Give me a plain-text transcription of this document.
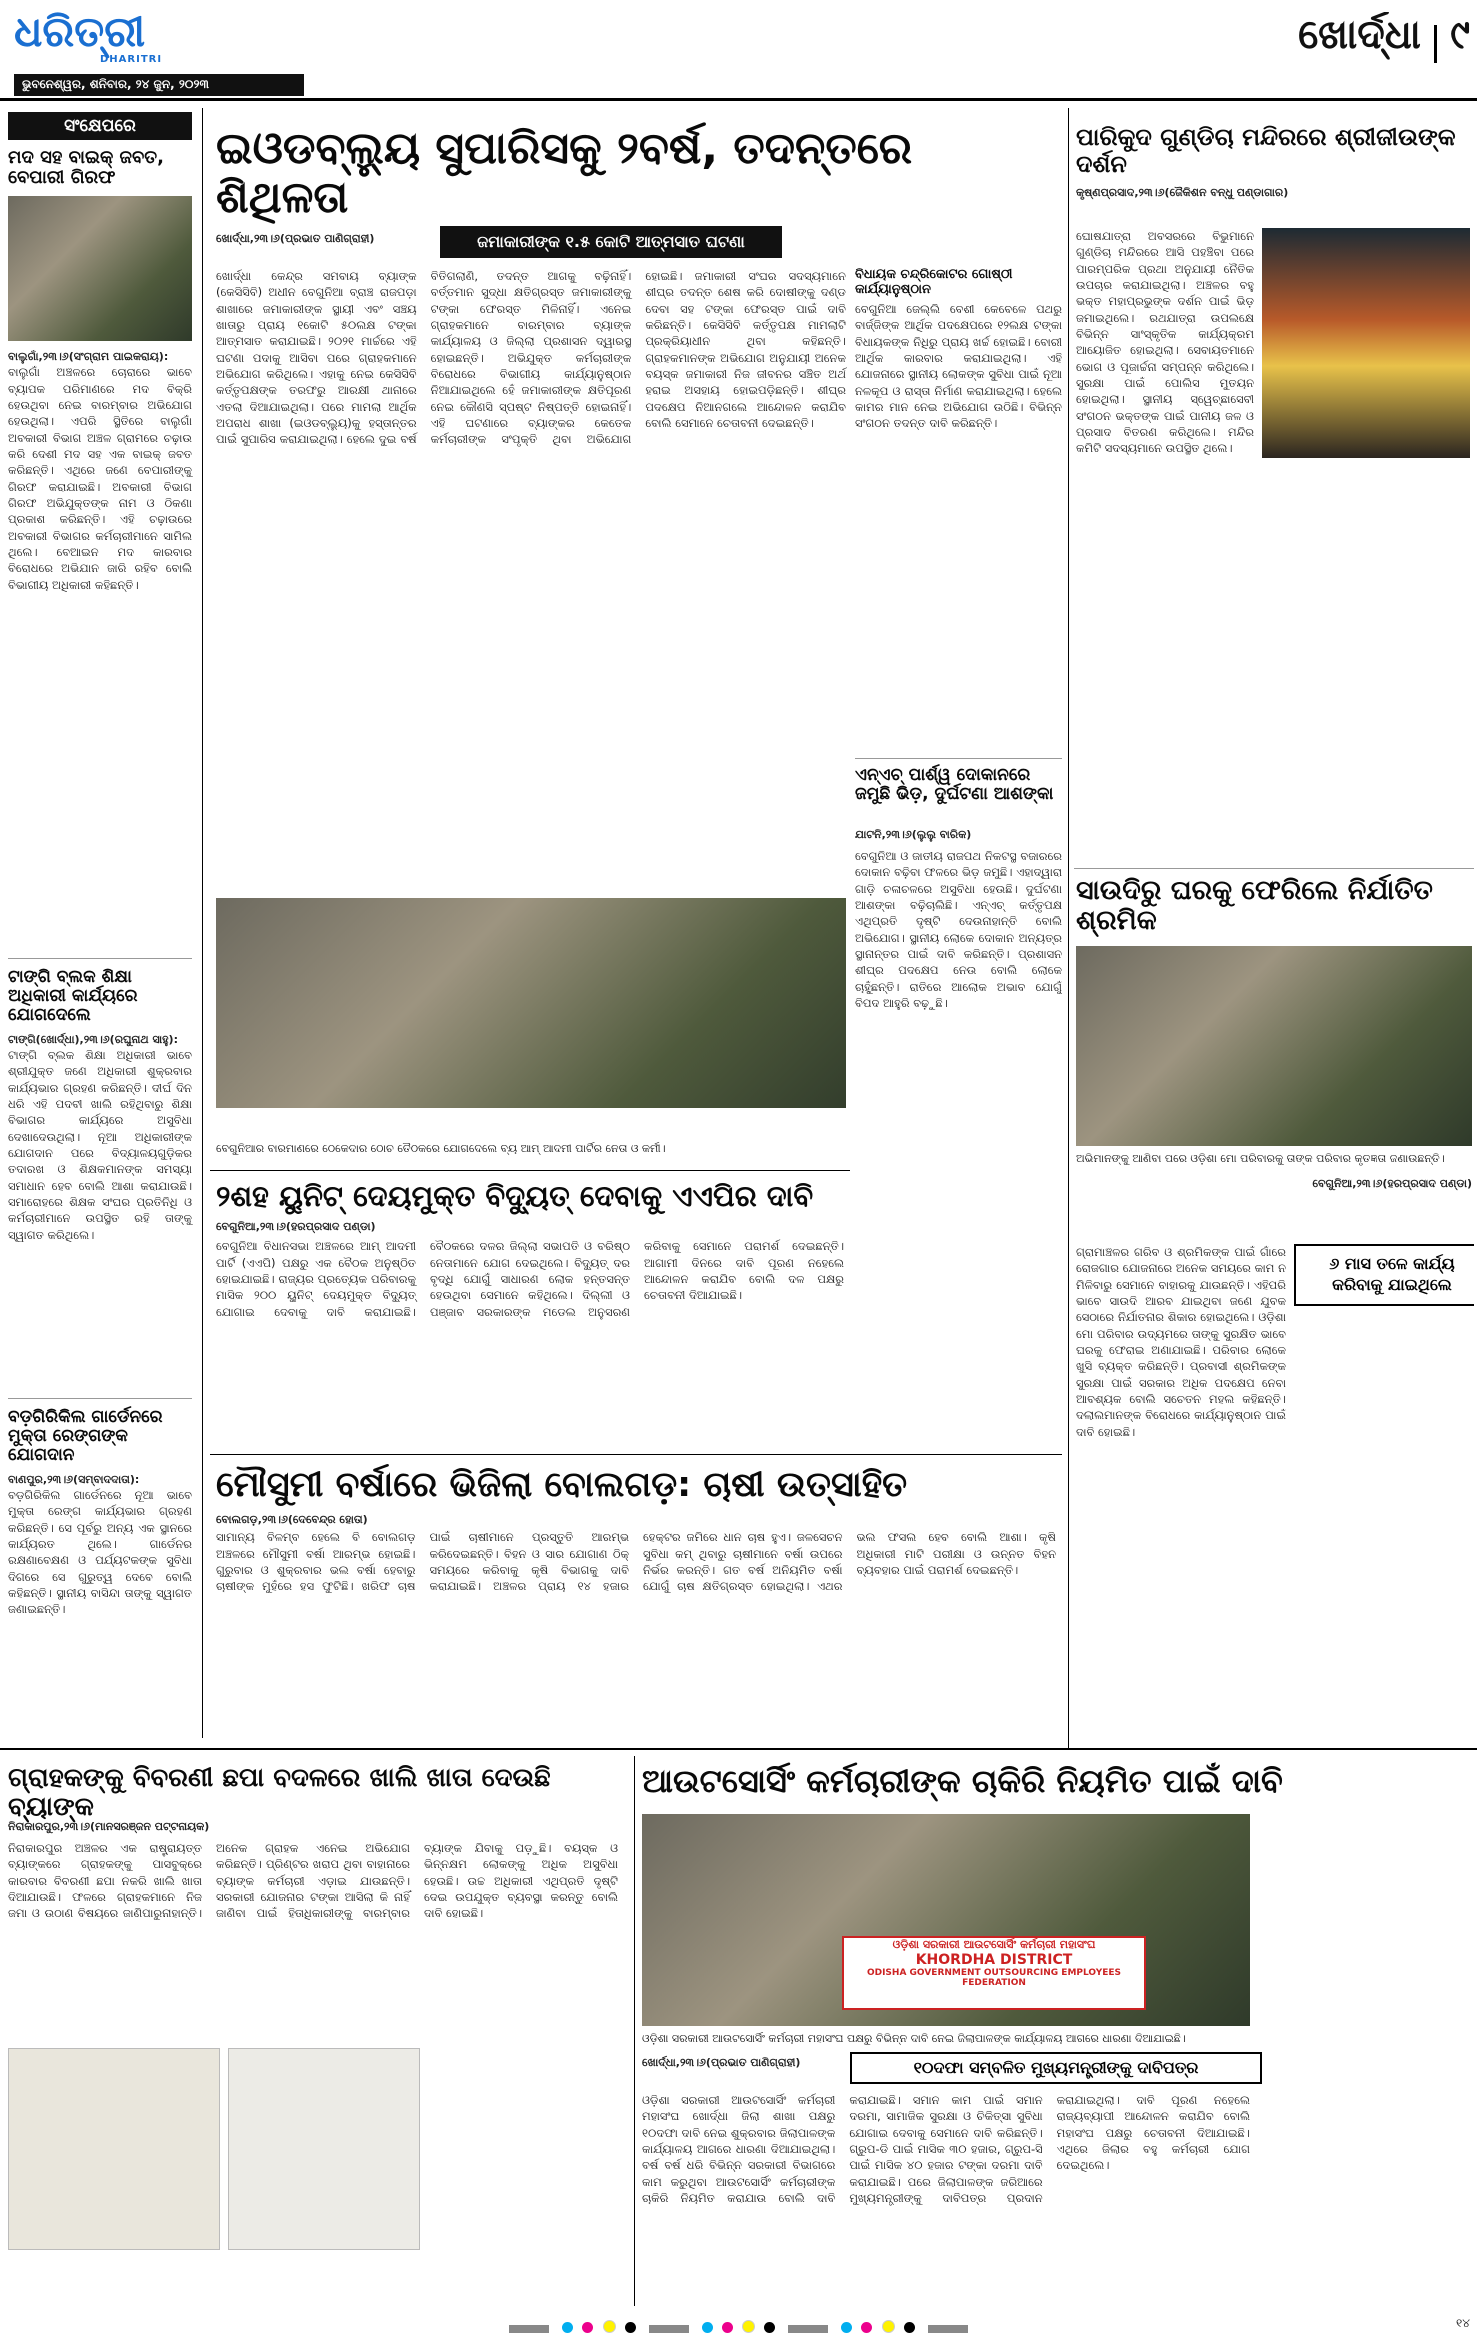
ଧରିତ୍ରୀ
DHARITRI
ଭୁବନେଶ୍ୱର, ଶନିବାର, ୨୪ ଜୁନ, ୨୦୨୩
ଖୋର୍ଦ୍ଧା ୯
ସଂକ୍ଷେପରେ
ମଦ ସହ ବାଇକ୍ ଜବତ, ବେପାରୀ ଗିରଫ
ବାଲୁଗାଁ,୨୩।୬(ସଂଗ୍ରାମ ପାଇକରାୟ):

ବାଲୁଗାଁ ଅଞ୍ଚଳରେ ଚୋରାରେ ଭାବେ ବ୍ୟାପକ ପରିମାଣରେ ମଦ ବିକ୍ରି ହେଉଥିବା ନେଇ ବାରମ୍ବାର ଅଭିଯୋଗ ହେଉଥିଲା। ଏପରି ସ୍ଥିତିରେ ବାଲୁଗାଁ ଅବକାରୀ ବିଭାଗ ଅଞ୍ଚଳ ଗ୍ରାମରେ ଚଢ଼ାଉ କରି ଦେଶୀ ମଦ ସହ ଏକ ବାଇକ୍ ଜବତ କରିଛନ୍ତି। ଏଥିରେ ଜଣେ ବେପାରୀଙ୍କୁ ଗିରଫ କରାଯାଇଛି। ଅବକାରୀ ବିଭାଗ ଗିରଫ ଅଭିଯୁକ୍ତଙ୍କ ନାମ ଓ ଠିକଣା ପ୍ରକାଶ କରିଛନ୍ତି। ଏହି ଚଢ଼ାଉରେ ଅବକାରୀ ବିଭାଗର କର୍ମଚାରୀମାନେ ସାମିଲ ଥିଲେ। ବେଆଇନ ମଦ କାରବାର ବିରୋଧରେ ଅଭିଯାନ ଜାରି ରହିବ ବୋଲି ବିଭାଗୀୟ ଅଧିକାରୀ କହିଛନ୍ତି।

ଟାଙ୍ଗି ବ୍ଲକ ଶିକ୍ଷା ଅଧିକାରୀ କାର୍ଯ୍ୟରେ ଯୋଗଦେଲେ
ଟାଙ୍ଗି(ଖୋର୍ଦ୍ଧା),୨୩।୬(ରଘୁନାଥ ସାହୁ):

ଟାଙ୍ଗି ବ୍ଲକ ଶିକ୍ଷା ଅଧିକାରୀ ଭାବେ ଶ୍ରୀଯୁକ୍ତ ଜଣେ ଅଧିକାରୀ ଶୁକ୍ରବାର କାର୍ଯ୍ୟଭାର ଗ୍ରହଣ କରିଛନ୍ତି। ଦୀର୍ଘ ଦିନ ଧରି ଏହି ପଦବୀ ଖାଲି ରହିଥିବାରୁ ଶିକ୍ଷା ବିଭାଗର କାର୍ଯ୍ୟରେ ଅସୁବିଧା ଦେଖାଦେଉଥିଲା। ନୂଆ ଅଧିକାରୀଙ୍କ ଯୋଗଦାନ ପରେ ବିଦ୍ୟାଳୟଗୁଡ଼ିକର ତଦାରଖ ଓ ଶିକ୍ଷକମାନଙ୍କ ସମସ୍ୟା ସମାଧାନ ହେବ ବୋଲି ଆଶା କରାଯାଉଛି। ସମାରୋହରେ ଶିକ୍ଷକ ସଂଘର ପ୍ରତିନିଧି ଓ କର୍ମଚାରୀମାନେ ଉପସ୍ଥିତ ରହି ତାଙ୍କୁ ସ୍ୱାଗତ କରିଥିଲେ।

ବଡ଼ଗିରିକିଲ ଗାର୍ଡେନରେ ମୁକ୍ତା ରେଙ୍ଗଙ୍କ ଯୋଗଦାନ
ବାଣପୁର,୨୩।୬(ସମ୍ବାଦଦାତା):

ବଡ଼ଗିରିକିଲ ଗାର୍ଡେନରେ ନୂଆ ଭାବେ ମୁକ୍ତା ରେଙ୍ଗ କାର୍ଯ୍ୟଭାର ଗ୍ରହଣ କରିଛନ୍ତି। ସେ ପୂର୍ବରୁ ଅନ୍ୟ ଏକ ସ୍ଥାନରେ କାର୍ଯ୍ୟରତ ଥିଲେ। ଗାର୍ଡେନର ରକ୍ଷଣାବେକ୍ଷଣ ଓ ପର୍ଯ୍ୟଟକଙ୍କ ସୁବିଧା ଦିଗରେ ସେ ଗୁରୁତ୍ୱ ଦେବେ ବୋଲି କହିଛନ୍ତି। ସ୍ଥାନୀୟ ବାସିନ୍ଦା ତାଙ୍କୁ ସ୍ୱାଗତ ଜଣାଇଛନ୍ତି।

ଇଓଡବ୍ଲ୍ୟୁ ସୁପାରିସକୁ ୨ବର୍ଷ, ତଦନ୍ତରେ ଶିଥିଳତା
ଜମାକାରୀଙ୍କ ୧.୫ କୋଟି ଆତ୍ମସାତ ଘଟଣା
ଖୋର୍ଦ୍ଧା,୨୩।୬(ପ୍ରଭାତ ପାଣିଗ୍ରାହୀ)

ଖୋର୍ଦ୍ଧା କେନ୍ଦ୍ର ସମବାୟ ବ୍ୟାଙ୍କ (କେସିସିବି) ଅଧୀନ ବେଗୁନିଆ ବ୍ରାଞ୍ଚ ରାଜପଡ଼ା ଶାଖାରେ ଜମାକାରୀଙ୍କ ସ୍ଥାୟୀ ଏବଂ ସଞ୍ଚୟ ଖାତାରୁ ପ୍ରାୟ ୧କୋଟି ୫୦ଲକ୍ଷ ଟଙ୍କା ଆତ୍ମସାତ କରାଯାଇଛି। ୨୦୨୧ ମାର୍ଚ୍ଚରେ ଏହି ଘଟଣା ପଦାକୁ ଆସିବା ପରେ ଗ୍ରାହକମାନେ ଅଭିଯୋଗ କରିଥିଲେ। ଏହାକୁ ନେଇ କେସିସିବି କର୍ତ୍ତୃପକ୍ଷଙ୍କ ତରଫରୁ ଆରକ୍ଷୀ ଥାନାରେ ଏତଲା ଦିଆଯାଇଥିଲା। ପରେ ମାମଲା ଆର୍ଥିକ ଅପରାଧ ଶାଖା (ଇଓଡବ୍ଲ୍ୟୁ)କୁ ହସ୍ତାନ୍ତର ପାଇଁ ସୁପାରିସ କରାଯାଇଥିଲା। ହେଲେ ଦୁଇ ବର୍ଷ ବିତିଗଲାଣି, ତଦନ୍ତ ଆଗକୁ ବଢ଼ିନାହିଁ। ବର୍ତ୍ତମାନ ସୁଦ୍ଧା କ୍ଷତିଗ୍ରସ୍ତ ଜମାକାରୀଙ୍କୁ ଟଙ୍କା ଫେରସ୍ତ ମିଳିନାହିଁ। ଏନେଇ ଗ୍ରାହକମାନେ ବାରମ୍ବାର ବ୍ୟାଙ୍କ କାର୍ଯ୍ୟାଳୟ ଓ ଜିଲ୍ଲା ପ୍ରଶାସନ ଦ୍ୱାରସ୍ଥ ହୋଇଛନ୍ତି। ଅଭିଯୁକ୍ତ କର୍ମଚାରୀଙ୍କ ବିରୋଧରେ ବିଭାଗୀୟ କାର୍ଯ୍ୟାନୁଷ୍ଠାନ ନିଆଯାଇଥିଲେ ହେଁ ଜମାକାରୀଙ୍କ କ୍ଷତିପୂରଣ ନେଇ କୌଣସି ସ୍ପଷ୍ଟ ନିଷ୍ପତ୍ତି ହୋଇନାହିଁ। ଏହି ଘଟଣାରେ ବ୍ୟାଙ୍କର କେତେକ କର୍ମଚାରୀଙ୍କ ସଂପୃକ୍ତି ଥିବା ଅଭିଯୋଗ ହୋଇଛି। ଜମାକାରୀ ସଂଘର ସଦସ୍ୟମାନେ ଶୀଘ୍ର ତଦନ୍ତ ଶେଷ କରି ଦୋଷୀଙ୍କୁ ଦଣ୍ଡ ଦେବା ସହ ଟଙ୍କା ଫେରସ୍ତ ପାଇଁ ଦାବି କରିଛନ୍ତି। କେସିସିବି କର୍ତ୍ତୃପକ୍ଷ ମାମଲାଟି ପ୍ରକ୍ରିୟାଧୀନ ଥିବା କହିଛନ୍ତି। ଗ୍ରାହକମାନଙ୍କ ଅଭିଯୋଗ ଅନୁଯାୟୀ ଅନେକ ବୟସ୍କ ଜମାକାରୀ ନିଜ ଜୀବନର ସଞ୍ଚିତ ଅର୍ଥ ହରାଇ ଅସହାୟ ହୋଇପଡ଼ିଛନ୍ତି। ଶୀଘ୍ର ପଦକ୍ଷେପ ନିଆନଗଲେ ଆନ୍ଦୋଳନ କରାଯିବ ବୋଲି ସେମାନେ ଚେତାବନୀ ଦେଇଛନ୍ତି।

ବେଗୁନିଆର ବାରମାଣରେ ଠେକେଦାର ଠୋଚ ତୈଠକରେ ଯୋଗଦେଲେ ବ୍ୟ ଆମ୍ ଆଦମୀ ପାର୍ଟିର ନେତା ଓ କର୍ମୀ।
ବିଧାୟକ ଚନ୍ଦ୍ରିକୋଟର ଗୋଷ୍ଠୀ କାର୍ଯ୍ୟାନୁଷ୍ଠାନ

ବେଗୁନିଆ ଜେଲ୍ଲି ବେଶୀ କେବେଳେ ପଥରୁ ବାର୍ଜ୍ଜିଙ୍କ ଆର୍ଥିକ ପଦକ୍ଷେପରେ ୧୨ଲକ୍ଷ ଟଙ୍କା ବିଧାୟକଙ୍କ ନିଧିରୁ ପ୍ରାୟ ଖର୍ଚ୍ଚ ହୋଇଛି। ବୋରୀ ଆର୍ଥିକ କାରବାର କରାଯାଇଥିଲା। ଏହି ଯୋଜନାରେ ସ୍ଥାନୀୟ ଲୋକଙ୍କ ସୁବିଧା ପାଇଁ ନୂଆ ନଳକୂପ ଓ ରାସ୍ତା ନିର୍ମାଣ କରାଯାଇଥିଲା। ହେଲେ କାମର ମାନ ନେଇ ଅଭିଯୋଗ ଉଠିଛି। ବିଭିନ୍ନ ସଂଗଠନ ତଦନ୍ତ ଦାବି କରିଛନ୍ତି।

ଏନ୍‌ଏଚ୍ ପାର୍ଶ୍ୱ ଦୋକାନରେ ଜମୁଛି ଭିଡ଼, ଦୁର୍ଘଟଣା ଆଶଙ୍କା
ଯାଟନି,୨୩।୬(ଲୁଲୁ ବାରିକ)

ବେଗୁନିଆ ଓ ଜାତୀୟ ରାଜପଥ ନିକଟସ୍ଥ ବଜାରରେ ଦୋକାନ ବଢ଼ିବା ଫଳରେ ଭିଡ଼ ଜମୁଛି। ଏହାଦ୍ୱାରା ଗାଡ଼ି ଚଳାଚଳରେ ଅସୁବିଧା ହେଉଛି। ଦୁର୍ଘଟଣା ଆଶଙ୍କା ବଢ଼ିଚାଲିଛି। ଏନ୍‌ଏଚ୍ କର୍ତ୍ତୃପକ୍ଷ ଏଥିପ୍ରତି ଦୃଷ୍ଟି ଦେଉନାହାନ୍ତି ବୋଲି ଅଭିଯୋଗ। ସ୍ଥାନୀୟ ଲୋକେ ଦୋକାନ ଅନ୍ୟତ୍ର ସ୍ଥାନାନ୍ତର ପାଇଁ ଦାବି କରିଛନ୍ତି। ପ୍ରଶାସନ ଶୀଘ୍ର ପଦକ୍ଷେପ ନେଉ ବୋଲି ଲୋକେ ଚାହୁଁଛନ୍ତି। ରାତିରେ ଆଲୋକ ଅଭାବ ଯୋଗୁଁ ବିପଦ ଆହୁରି ବଢ଼ୁଛି।

ପାରିକୁଦ ଗୁଣ୍ଡିଚା ମନ୍ଦିରରେ ଶ୍ରୀଜୀଉଙ୍କ ଦର୍ଶନ
କୃଷ୍ଣପ୍ରସାଦ,୨୩।୬(ଜୈକିଶନ ବନ୍ଧୁ ପଣ୍ଡାଗାର)

ଘୋଷଯାତ୍ରା ଅବସରରେ ବିଭୁମାନେ ଗୁଣ୍ଡିଚା ମନ୍ଦିରରେ ଆସି ପହଞ୍ଚିବା ପରେ ପାରମ୍ପରିକ ପ୍ରଥା ଅନୁଯାୟୀ ନୈତିକ ଉପଚାର କରାଯାଇଥିଲା। ଅଞ୍ଚଳର ବହୁ ଭକ୍ତ ମହାପ୍ରଭୁଙ୍କ ଦର୍ଶନ ପାଇଁ ଭିଡ଼ ଜମାଇଥିଲେ। ରଥଯାତ୍ରା ଉପଲକ୍ଷେ ବିଭିନ୍ନ ସାଂସ୍କୃତିକ କାର୍ଯ୍ୟକ୍ରମ ଆୟୋଜିତ ହୋଇଥିଲା। ସେବାୟତମାନେ ଭୋଗ ଓ ପୂଜାର୍ଚ୍ଚନା ସମ୍ପନ୍ନ କରିଥିଲେ। ସୁରକ୍ଷା ପାଇଁ ପୋଲିସ ମୁତୟନ ହୋଇଥିଲା। ସ୍ଥାନୀୟ ସ୍ୱେଚ୍ଛାସେବୀ ସଂଗଠନ ଭକ୍ତଙ୍କ ପାଇଁ ପାନୀୟ ଜଳ ଓ ପ୍ରସାଦ ବିତରଣ କରିଥିଲେ। ମନ୍ଦିର କମିଟି ସଦସ୍ୟମାନେ ଉପସ୍ଥିତ ଥିଲେ।

ସାଉଦିରୁ ଘରକୁ ଫେରିଲେ ନିର୍ଯାତିତ ଶ୍ରମିକ
ଅଭିମାନଙ୍କୁ ଆଣିବା ପରେ ଓଡ଼ିଶା ମୋ ପରିବାରକୁ ତାଙ୍କ ପରିବାର କୃତଜ୍ଞତା ଜଣାଉଛନ୍ତି।
ବେଗୁନିଆ,୨୩।୬(ହରପ୍ରସାଦ ପଣ୍ଡା)
୬ ମାସ ତଳେ କାର୍ଯ୍ୟ କରିବାକୁ ଯାଇଥିଲେ

ଗ୍ରାମାଞ୍ଚଳର ଗରିବ ଓ ଶ୍ରମିକଙ୍କ ପାଇଁ ଗାଁରେ ରୋଜଗାର ଯୋଜନାରେ ଅନେକ ସମୟରେ କାମ ନ ମିଳିବାରୁ ସେମାନେ ବାହାରକୁ ଯାଉଛନ୍ତି। ଏହିପରି ଭାବେ ସାଉଦି ଆରବ ଯାଇଥିବା ଜଣେ ଯୁବକ ସେଠାରେ ନିର୍ଯାତନାର ଶିକାର ହୋଇଥିଲେ। ଓଡ଼ିଶା ମୋ ପରିବାର ଉଦ୍ୟମରେ ତାଙ୍କୁ ସୁରକ୍ଷିତ ଭାବେ ଘରକୁ ଫେରାଇ ଅଣାଯାଇଛି। ପରିବାର ଲୋକେ ଖୁସି ବ୍ୟକ୍ତ କରିଛନ୍ତି। ପ୍ରବାସୀ ଶ୍ରମିକଙ୍କ ସୁରକ୍ଷା ପାଇଁ ସରକାର ଅଧିକ ପଦକ୍ଷେପ ନେବା ଆବଶ୍ୟକ ବୋଲି ସଚେତନ ମହଲ କହିଛନ୍ତି। ଦଲାଲମାନଙ୍କ ବିରୋଧରେ କାର୍ଯ୍ୟାନୁଷ୍ଠାନ ପାଇଁ ଦାବି ହୋଇଛି।

୨ଶହ ୟୁନିଟ୍ ଦେୟମୁକ୍ତ ବିଦ୍ୟୁତ୍ ଦେବାକୁ ଏଏପିର ଦାବି
ବେଗୁନିଆ,୨୩।୬(ହରପ୍ରସାଦ ପଣ୍ଡା)

ବେଗୁନିଆ ବିଧାନସଭା ଅଞ୍ଚଳରେ ଆମ୍ ଆଦମୀ ପାର୍ଟି (ଏଏପି) ପକ୍ଷରୁ ଏକ ବୈଠକ ଅନୁଷ୍ଠିତ ହୋଇଯାଇଛି। ରାଜ୍ୟର ପ୍ରତ୍ୟେକ ପରିବାରକୁ ମାସିକ ୨୦୦ ୟୁନିଟ୍ ଦେୟମୁକ୍ତ ବିଦ୍ୟୁତ୍ ଯୋଗାଇ ଦେବାକୁ ଦାବି କରାଯାଇଛି। ବୈଠକରେ ଦଳର ଜିଲ୍ଲା ସଭାପତି ଓ ବରିଷ୍ଠ ନେତାମାନେ ଯୋଗ ଦେଇଥିଲେ। ବିଦ୍ୟୁତ୍ ଦର ବୃଦ୍ଧି ଯୋଗୁଁ ସାଧାରଣ ଲୋକ ହନ୍ତସନ୍ତ ହେଉଥିବା ସେମାନେ କହିଥିଲେ। ଦିଲ୍ଲୀ ଓ ପଞ୍ଜାବ ସରକାରଙ୍କ ମଡେଲ ଅନୁସରଣ କରିବାକୁ ସେମାନେ ପରାମର୍ଶ ଦେଇଛନ୍ତି। ଆଗାମୀ ଦିନରେ ଦାବି ପୂରଣ ନହେଲେ ଆନ୍ଦୋଳନ କରାଯିବ ବୋଲି ଦଳ ପକ୍ଷରୁ ଚେତାବନୀ ଦିଆଯାଇଛି।

ମୌସୁମୀ ବର୍ଷାରେ ଭିଜିଲା ବୋଲଗଡ଼: ଚାଷୀ ଉତ୍ସାହିତ
ବୋଲଗଡ଼,୨୩।୬(ଦେବେନ୍ଦ୍ର ହୋତା)

ସାମାନ୍ୟ ବିଳମ୍ବ ହେଲେ ବି ବୋଲଗଡ଼ ଅଞ୍ଚଳରେ ମୌସୁମୀ ବର୍ଷା ଆରମ୍ଭ ହୋଇଛି। ଗୁରୁବାର ଓ ଶୁକ୍ରବାର ଭଲ ବର୍ଷା ହେବାରୁ ଚାଷୀଙ୍କ ମୁହଁରେ ହସ ଫୁଟିଛି। ଖରିଫ ଚାଷ ପାଇଁ ଚାଷୀମାନେ ପ୍ରସ୍ତୁତି ଆରମ୍ଭ କରିଦେଇଛନ୍ତି। ବିହନ ଓ ସାର ଯୋଗାଣ ଠିକ୍ ସମୟରେ କରିବାକୁ କୃଷି ବିଭାଗକୁ ଦାବି କରାଯାଇଛି। ଅଞ୍ଚଳର ପ୍ରାୟ ୧୪ ହଜାର ହେକ୍ଟର ଜମିରେ ଧାନ ଚାଷ ହୁଏ। ଜଳସେଚନ ସୁବିଧା କମ୍ ଥିବାରୁ ଚାଷୀମାନେ ବର୍ଷା ଉପରେ ନିର୍ଭର କରନ୍ତି। ଗତ ବର୍ଷ ଅନିୟମିତ ବର୍ଷା ଯୋଗୁଁ ଚାଷ କ୍ଷତିଗ୍ରସ୍ତ ହୋଇଥିଲା। ଏଥର ଭଲ ଫସଲ ହେବ ବୋଲି ଆଶା। କୃଷି ଅଧିକାରୀ ମାଟି ପରୀକ୍ଷା ଓ ଉନ୍ନତ ବିହନ ବ୍ୟବହାର ପାଇଁ ପରାମର୍ଶ ଦେଇଛନ୍ତି।

ଗ୍ରାହକଙ୍କୁ ବିବରଣୀ ଛପା ବଦଳରେ ଖାଲି ଖାତା ଦେଉଛି ବ୍ୟାଙ୍କ
ନିରାକାରପୁର,୨୩।୬(ମାନସରଞ୍ଜନ ପଟ୍ଟନାୟକ)

ନିରାକାରପୁର ଅଞ୍ଚଳର ଏକ ରାଷ୍ଟ୍ରାୟତ୍ତ ବ୍ୟାଙ୍କରେ ଗ୍ରାହକଙ୍କୁ ପାସବୁକ୍‌ରେ କାରବାର ବିବରଣୀ ଛପା ନକରି ଖାଲି ଖାତା ଦିଆଯାଉଛି। ଫଳରେ ଗ୍ରାହକମାନେ ନିଜ ଜମା ଓ ଉଠାଣ ବିଷୟରେ ଜାଣିପାରୁନାହାନ୍ତି। ଅନେକ ଗ୍ରାହକ ଏନେଇ ଅଭିଯୋଗ କରିଛନ୍ତି। ପ୍ରିଣ୍ଟର ଖରାପ ଥିବା ବାହାନାରେ ବ୍ୟାଙ୍କ କର୍ମଚାରୀ ଏଡ଼ାଇ ଯାଉଛନ୍ତି। ସରକାରୀ ଯୋଜନାର ଟଙ୍କା ଆସିଲା କି ନାହିଁ ଜାଣିବା ପାଇଁ ହିତାଧିକାରୀଙ୍କୁ ବାରମ୍ବାର ବ୍ୟାଙ୍କ ଯିବାକୁ ପଡ଼ୁଛି। ବୟସ୍କ ଓ ଭିନ୍ନକ୍ଷମ ଲୋକଙ୍କୁ ଅଧିକ ଅସୁବିଧା ହେଉଛି। ଉଚ୍ଚ ଅଧିକାରୀ ଏଥିପ୍ରତି ଦୃଷ୍ଟି ଦେଇ ଉପଯୁକ୍ତ ବ୍ୟବସ୍ଥା କରନ୍ତୁ ବୋଲି ଦାବି ହୋଇଛି।

ଆଉଟସୋର୍ସିଂ କର୍ମଚାରୀଙ୍କ ଚାକିରି ନିୟମିତ ପାଇଁ ଦାବି
ଓଡ଼ିଶା ସରକାରୀ ଆଉଟସୋର୍ସିଂ କର୍ମଚାରୀ ମହାସଂଘ
KHORDHA DISTRICT
ODISHA GOVERNMENT OUTSOURCING EMPLOYEES FEDERATION
ଓଡ଼ିଶା ସରକାରୀ ଆଉଟସୋର୍ସିଂ କର୍ମଚାରୀ ମହାସଂଘ ପକ୍ଷରୁ ବିଭିନ୍ନ ଦାବି ନେଇ ଜିଲାପାଳଙ୍କ କାର୍ଯ୍ୟାଳୟ ଆଗରେ ଧାରଣା ଦିଆଯାଇଛି।
ଖୋର୍ଦ୍ଧା,୨୩।୬(ପ୍ରଭାତ ପାଣିଗ୍ରାହୀ)	୧୦ଦଫା ସମ୍ବଳିତ ମୁଖ୍ୟମନ୍ତ୍ରୀଙ୍କୁ ଦାବିପତ୍ର

ଓଡ଼ିଶା ସରକାରୀ ଆଉଟସୋର୍ସିଂ କର୍ମଚାରୀ ମହାସଂଘ ଖୋର୍ଦ୍ଧା ଜିଲା ଶାଖା ପକ୍ଷରୁ ୧୦ଦଫା ଦାବି ନେଇ ଶୁକ୍ରବାର ଜିଲାପାଳଙ୍କ କାର୍ଯ୍ୟାଳୟ ଆଗରେ ଧାରଣା ଦିଆଯାଇଥିଲା। ବର୍ଷ ବର୍ଷ ଧରି ବିଭିନ୍ନ ସରକାରୀ ବିଭାଗରେ କାମ କରୁଥିବା ଆଉଟସୋର୍ସିଂ କର୍ମଚାରୀଙ୍କ ଚାକିରି ନିୟମିତ କରାଯାଉ ବୋଲି ଦାବି କରାଯାଇଛି। ସମାନ କାମ ପାଇଁ ସମାନ ଦରମା, ସାମାଜିକ ସୁରକ୍ଷା ଓ ଚିକିତ୍ସା ସୁବିଧା ଯୋଗାଇ ଦେବାକୁ ସେମାନେ ଦାବି କରିଛନ୍ତି। ଗ୍ରୁପ-ଡି ପାଇଁ ମାସିକ ୩୦ ହଜାର, ଗ୍ରୁପ-ସି ପାଇଁ ମାସିକ ୪୦ ହଜାର ଟଙ୍କା ଦରମା ଦାବି କରାଯାଇଛି। ପରେ ଜିଲାପାଳଙ୍କ ଜରିଆରେ ମୁଖ୍ୟମନ୍ତ୍ରୀଙ୍କୁ ଦାବିପତ୍ର ପ୍ରଦାନ କରାଯାଇଥିଲା। ଦାବି ପୂରଣ ନହେଲେ ରାଜ୍ୟବ୍ୟାପୀ ଆନ୍ଦୋଳନ କରାଯିବ ବୋଲି ମହାସଂଘ ପକ୍ଷରୁ ଚେତାବନୀ ଦିଆଯାଇଛି। ଏଥିରେ ଜିଲାର ବହୁ କର୍ମଚାରୀ ଯୋଗ ଦେଇଥିଲେ।

୧୪
